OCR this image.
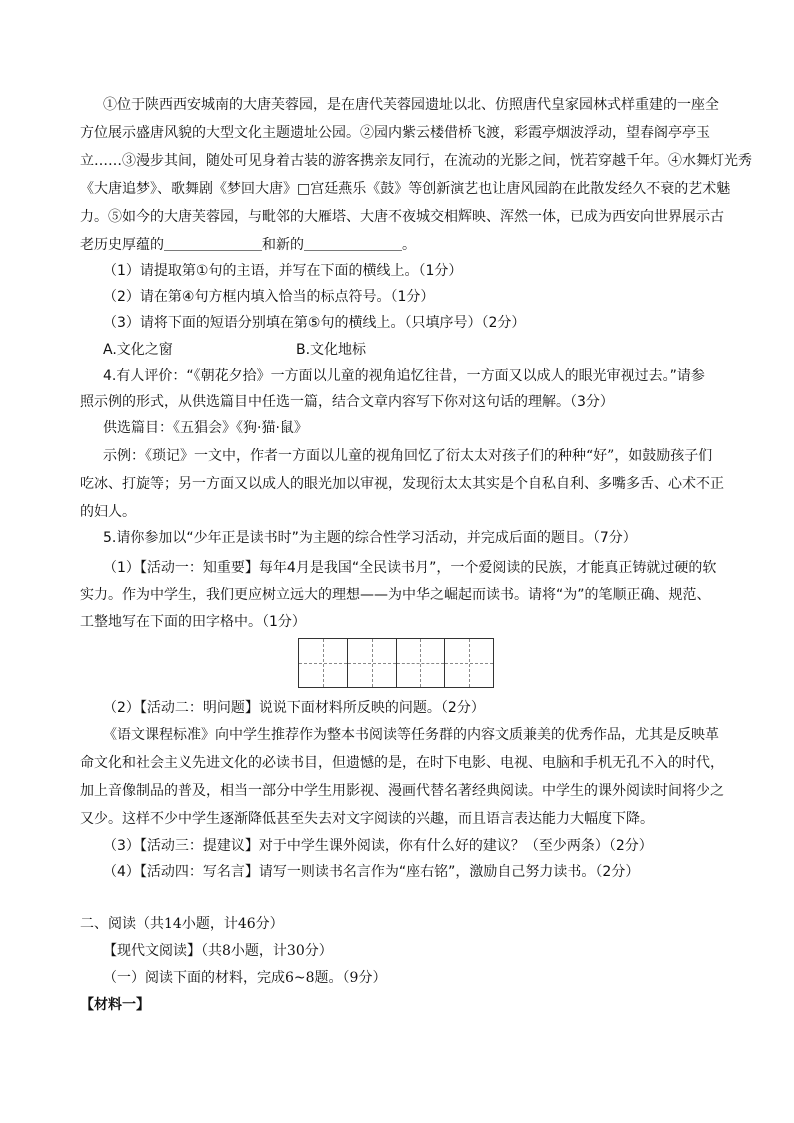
①位于陕西西安城南的大唐芙蓉园，是在唐代芙蓉园遗址以北、仿照唐代皇家园林式样重建的一座全
方位展示盛唐风貌的大型文化主题遗址公园。②园内紫云楼借桥飞渡，彩霞亭烟波浮动，望春阁亭亭玉
立……③漫步其间，随处可见身着古装的游客携亲友同行，在流动的光影之间，恍若穿越千年。④水舞灯光秀
《大唐追梦》、歌舞剧《梦回大唐》□宫廷燕乐《鼓》等创新演艺也让唐风园韵在此散发经久不衰的艺术魅
力。⑤如今的大唐芙蓉园，与毗邻的大雁塔、大唐不夜城交相辉映、浑然一体，已成为西安向世界展示古
老历史厚蕴的＿＿＿＿＿＿＿和新的＿＿＿＿＿＿＿。
（1）请提取第①句的主语，并写在下面的横线上。（1分）
（2）请在第④句方框内填入恰当的标点符号。（1分）
（3）请将下面的短语分别填在第⑤句的横线上。（只填序号）（2分）
A.文化之窗	B.文化地标
4.有人评价：“《朝花夕拾》一方面以儿童的视角追忆往昔，一方面又以成人的眼光审视过去。”请参
照示例的形式，从供选篇目中任选一篇，结合文章内容写下你对这句话的理解。（3分）
供选篇目：《五猖会》《狗·猫·鼠》
示例：《琐记》一文中，作者一方面以儿童的视角回忆了衍太太对孩子们的种种“好”，如鼓励孩子们
吃冰、打旋等；另一方面又以成人的眼光加以审视，发现衍太太其实是个自私自利、多嘴多舌、心术不正
的妇人。
5.请你参加以“少年正是读书时”为主题的综合性学习活动，并完成后面的题目。（7分）
（1）【活动一：知重要】每年4月是我国“全民读书月”，一个爱阅读的民族，才能真正铸就过硬的软
实力。作为中学生，我们更应树立远大的理想——为中华之崛起而读书。请将“为”的笔顺正确、规范、
工整地写在下面的田字格中。（1分）
（2）【活动二：明问题】说说下面材料所反映的问题。（2分）
《语文课程标准》向中学生推荐作为整本书阅读等任务群的内容文质兼美的优秀作品，尤其是反映革
命文化和社会主义先进文化的必读书目，但遗憾的是，在时下电影、电视、电脑和手机无孔不入的时代，
加上音像制品的普及，相当一部分中学生用影视、漫画代替名著经典阅读。中学生的课外阅读时间将少之
又少。这样不少中学生逐渐降低甚至失去对文字阅读的兴趣，而且语言表达能力大幅度下降。
（3）【活动三：提建议】对于中学生课外阅读，你有什么好的建议？（至少两条）（2分）
（4）【活动四：写名言】请写一则读书名言作为“座右铭”，激励自己努力读书。（2分）
二、阅读（共14小题，计46分）
【现代文阅读】（共8小题，计30分）
（一）阅读下面的材料，完成6~8题。（9分）
【材料一】
